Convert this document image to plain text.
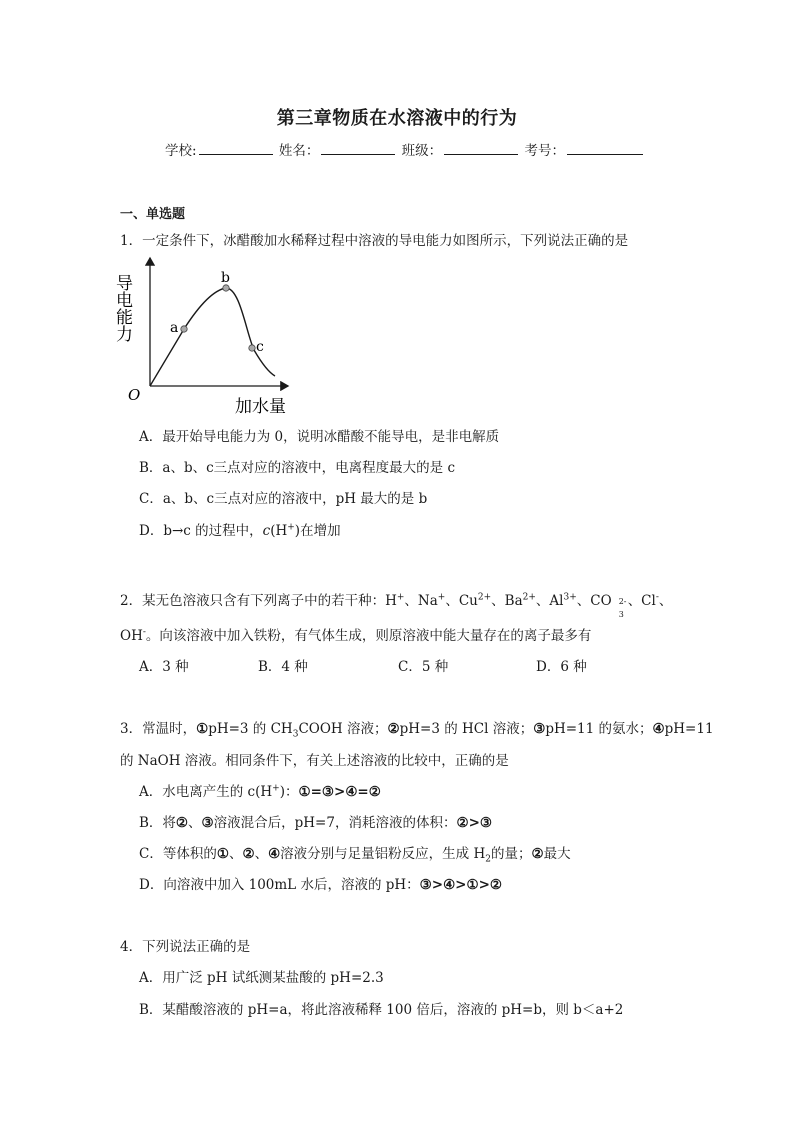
第三章物质在水溶液中的行为
学校:	姓名：	班级：	考号：
一、单选题
1．一定条件下，冰醋酸加水稀释过程中溶液的导电能力如图所示，下列说法正确的是
a
b
c
O
导电能力
加水量
A．最开始导电能力为 0，说明冰醋酸不能导电，是非电解质
B．a、b、c三点对应的溶液中，电离程度最大的是 c
C．a、b、c三点对应的溶液中，pH 最大的是 b
D．b→c 的过程中，c(H+)在增加
2．某无色溶液只含有下列离子中的若干种：H+、Na+、$Cu^{2+}$、$Ba^{2+}$、$Al^{3+}$、CO 2-
3
、Cl-、
OH-。向该溶液中加入铁粉，有气体生成，则原溶液中能大量存在的离子最多有
A．3 种	B．4 种	C．5 种	D．6 种
3．常温时，①pH=3 的 $CH_3COOH$ 溶液；②pH=3 的 HCl 溶液；③pH=11 的氨水；④pH=11
的 NaOH 溶液。相同条件下，有关上述溶液的比较中，正确的是
A．水电离产生的 c(H+)：①=③>④=②
B．将②、③溶液混合后，pH=7，消耗溶液的体积：②>③
C．等体积的①、②、④溶液分别与足量铝粉反应，生成 $H_2$的量；②最大
D．向溶液中加入 100mL 水后，溶液的 pH：③>④>①>②
4．下列说法正确的是
A．用广泛 pH 试纸测某盐酸的 pH=2.3
B．某醋酸溶液的 pH=a，将此溶液稀释 100 倍后，溶液的 pH=b，则 b＜a+2
